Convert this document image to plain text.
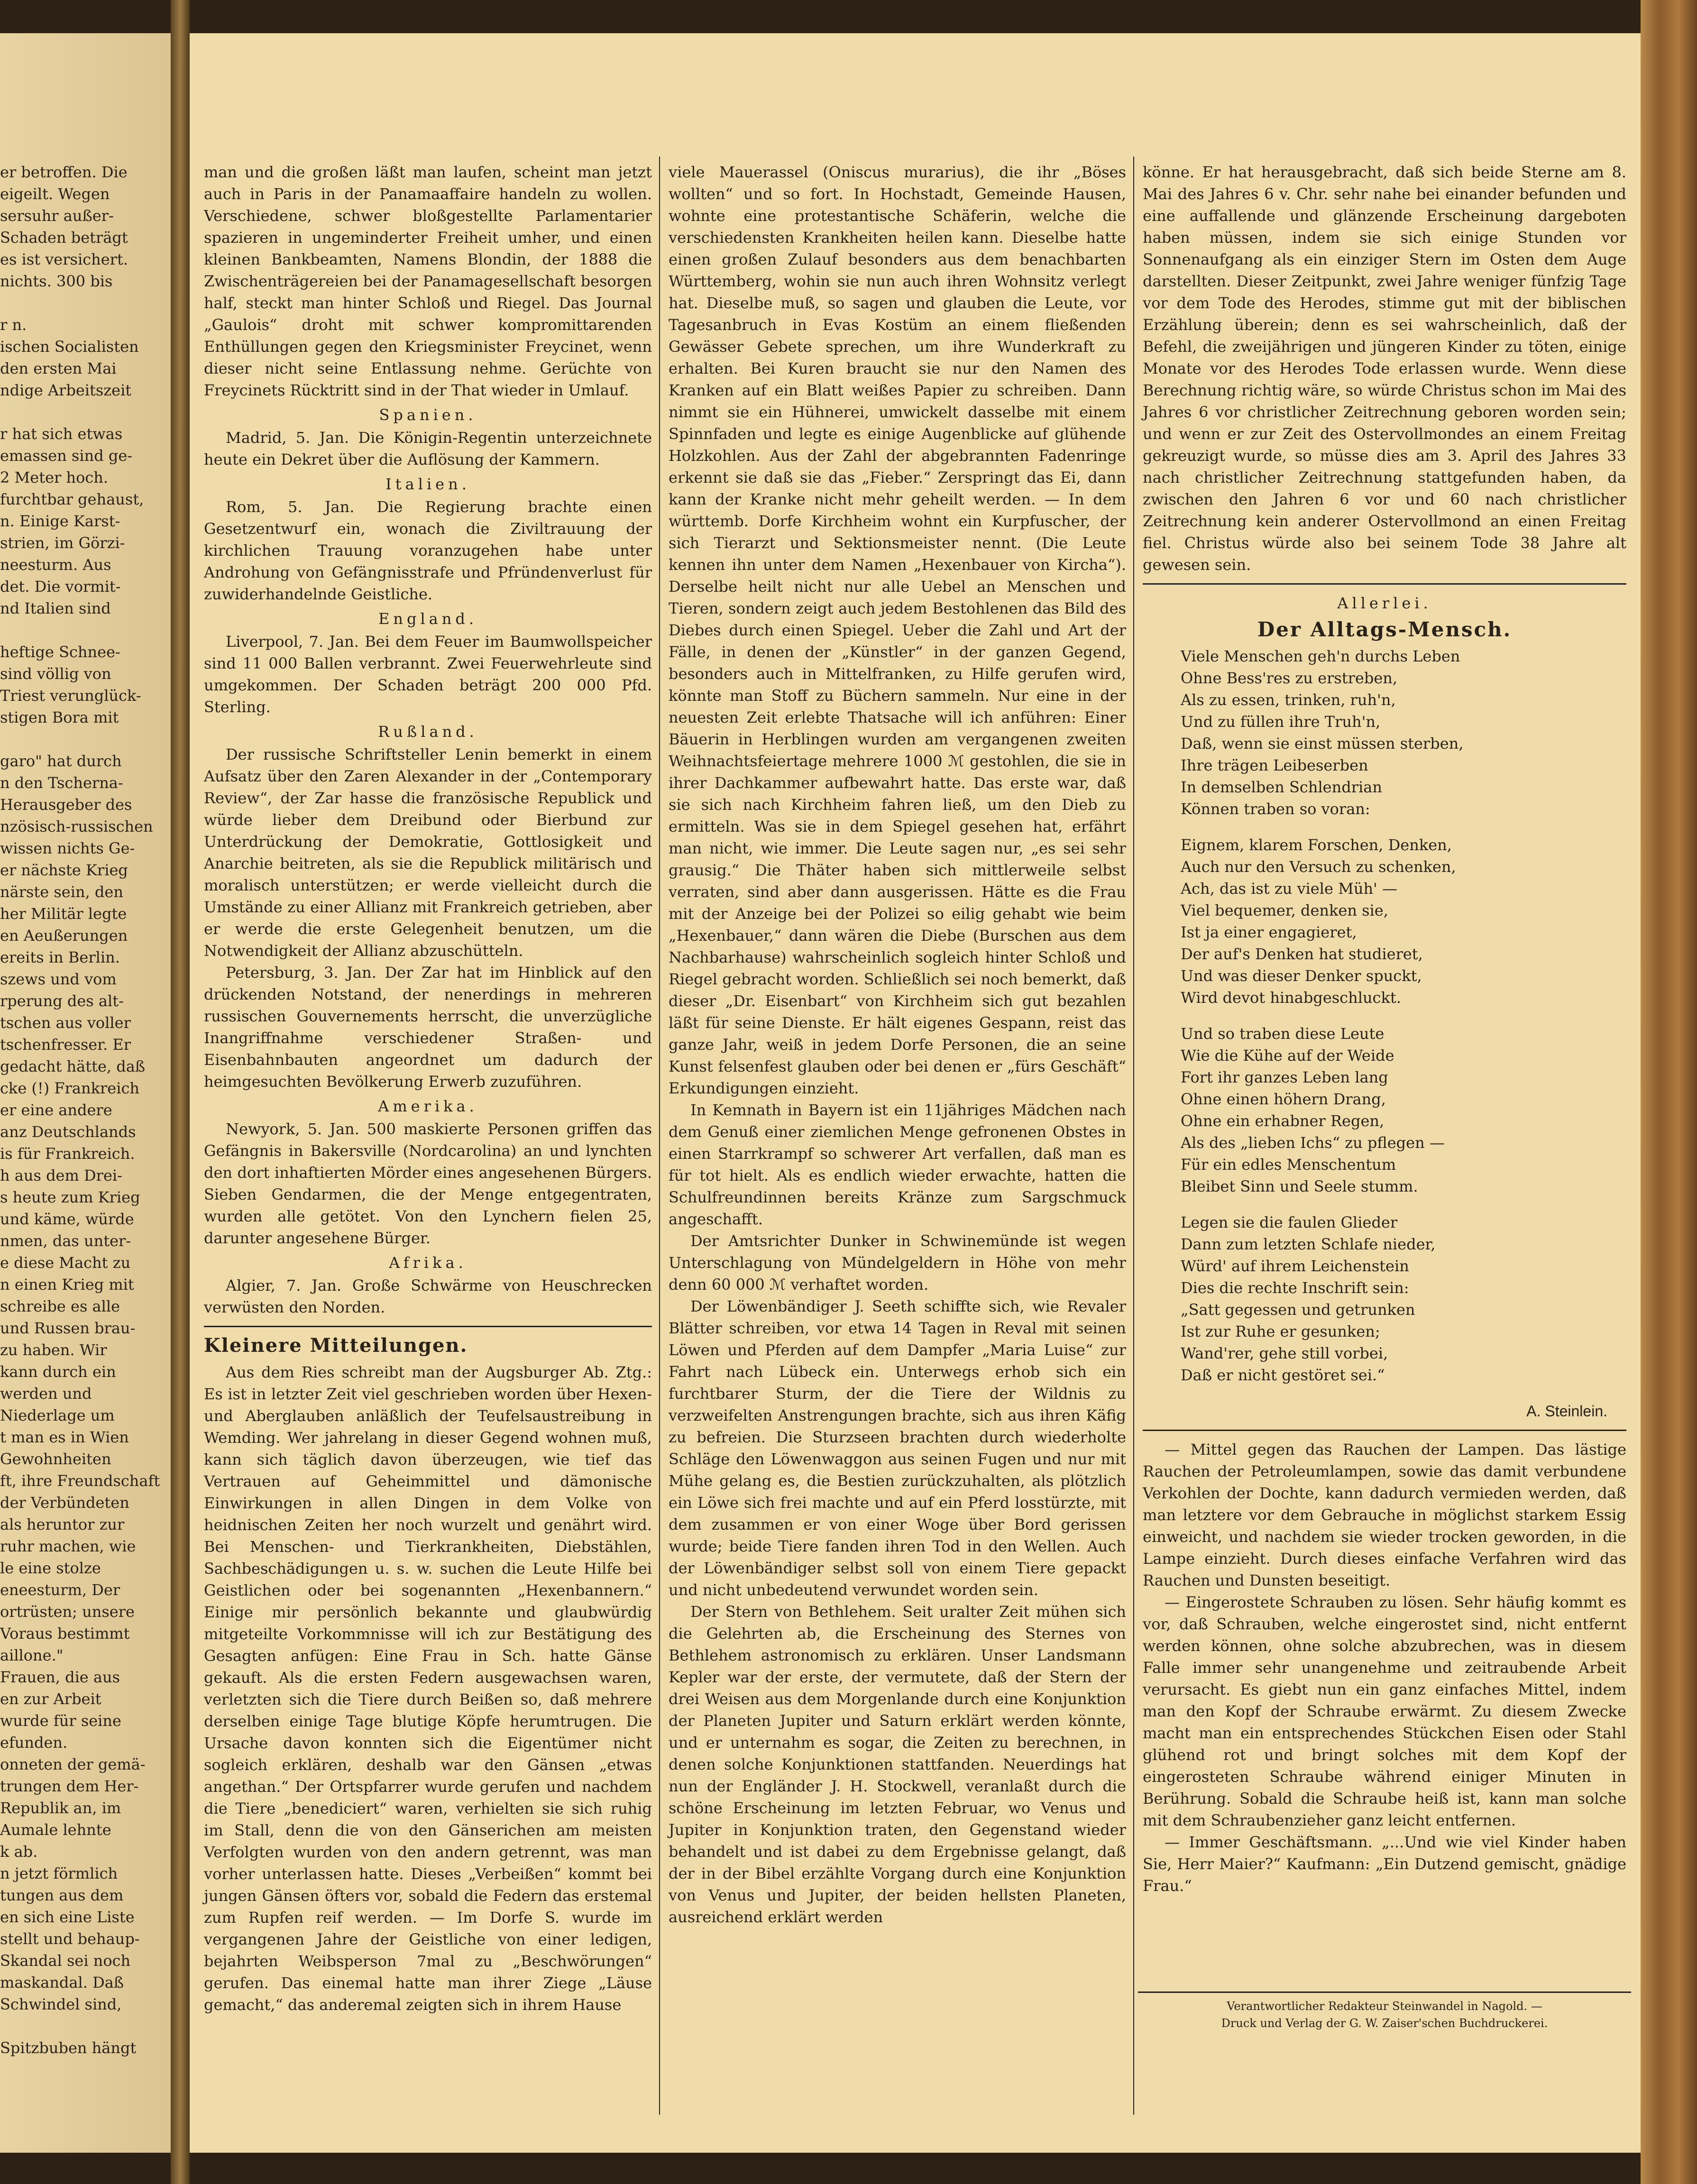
er betroffen. Die
eigeilt. Wegen
sersuhr außer-
Schaden beträgt
es ist versichert.
nichts. 300 bis

r n.
ischen Socialisten
den ersten Mai
ndige Arbeitszeit

r hat sich etwas
emassen sind ge-
2 Meter hoch.
furchtbar gehaust,
n. Einige Karst-
strien, im Görzi-
neesturm. Aus
det. Die vormit-
nd Italien sind

heftige Schnee-
sind völlig von
Triest verunglück-
stigen Bora mit

garo" hat durch
n den Tscherna-
Herausgeber des
nzösisch-russischen
wissen nichts Ge-
er nächste Krieg
närste sein, den
her Militär legte
en Aeußerungen
ereits in Berlin.
szews und vom
rperung des alt-
tschen aus voller
tschenfresser. Er
gedacht hätte, daß
cke (!) Frankreich
er eine andere
anz Deutschlands
is für Frankreich.
h aus dem Drei-
s heute zum Krieg
und käme, würde
nmen, das unter-
e diese Macht zu
n einen Krieg mit
schreibe es alle
und Russen brau-
zu haben. Wir
kann durch ein
werden und
Niederlage um
t man es in Wien
Gewohnheiten
ft, ihre Freundschaft
der Verbündeten
als heruntor zur
ruhr machen, wie
le eine stolze
eneesturm, Der
ortrüsten; unsere
Voraus bestimmt
aillone."
Frauen, die aus
en zur Arbeit
wurde für seine
efunden.
onneten der gemä-
trungen dem Her-
Republik an, im
Aumale lehnte
k ab.
n jetzt förmlich
tungen aus dem
en sich eine Liste
stellt und behaup-
Skandal sei noch
maskandal. Daß
Schwindel sind,

Spitzbuben hängt

man und die großen läßt man laufen, scheint man jetzt auch in Paris in der Panamaaffaire handeln zu wollen. Verschiedene, schwer bloßgestellte Parlamentarier spazieren in ungeminderter Freiheit umher, und einen kleinen Bankbeamten, Namens Blondin, der 1888 die Zwischenträgereien bei der Panamagesellschaft besorgen half, steckt man hinter Schloß und Riegel. Das Journal „Gaulois“ droht mit schwer kompromittarenden Enthüllungen gegen den Kriegsminister Freycinet, wenn dieser nicht seine Entlassung nehme. Gerüchte von Freycinets Rücktritt sind in der That wieder in Umlauf.

Spanien.

Madrid, 5. Jan. Die Königin-Regentin unterzeichnete heute ein Dekret über die Auflösung der Kammern.

Italien.

Rom, 5. Jan. Die Regierung brachte einen Gesetzentwurf ein, wonach die Ziviltrauung der kirchlichen Trauung voranzugehen habe unter Androhung von Gefängnisstrafe und Pfründenverlust für zuwiderhandelnde Geistliche.

England.

Liverpool, 7. Jan. Bei dem Feuer im Baumwollspeicher sind 11 000 Ballen verbrannt. Zwei Feuerwehrleute sind umgekommen. Der Schaden beträgt 200 000 Pfd. Sterling.

Rußland.

Der russische Schriftsteller Lenin bemerkt in einem Aufsatz über den Zaren Alexander in der „Contemporary Review“, der Zar hasse die französische Republick und würde lieber dem Dreibund oder Bierbund zur Unterdrückung der Demokratie, Gottlosigkeit und Anarchie beitreten, als sie die Republick militärisch und moralisch unterstützen; er werde vielleicht durch die Umstände zu einer Allianz mit Frankreich getrieben, aber er werde die erste Gelegenheit benutzen, um die Notwendigkeit der Allianz abzuschütteln.

Petersburg, 3. Jan. Der Zar hat im Hinblick auf den drückenden Notstand, der nenerdings in mehreren russischen Gouvernements herrscht, die unverzügliche Inangriffnahme verschiedener Straßen- und Eisenbahnbauten angeordnet um dadurch der heimgesuchten Bevölkerung Erwerb zuzuführen.

Amerika.

Newyork, 5. Jan. 500 maskierte Personen griffen das Gefängnis in Bakersville (Nordcarolina) an und lynchten den dort inhaftierten Mörder eines angesehenen Bürgers. Sieben Gendarmen, die der Menge entgegentraten, wurden alle getötet. Von den Lynchern fielen 25, darunter angesehene Bürger.

Afrika.

Algier, 7. Jan. Große Schwärme von Heuschrecken verwüsten den Norden.

Kleinere Mitteilungen.

Aus dem Ries schreibt man der Augsburger Ab. Ztg.: Es ist in letzter Zeit viel geschrieben worden über Hexen- und Aberglauben anläßlich der Teufelsaustreibung in Wemding. Wer jahrelang in dieser Gegend wohnen muß, kann sich täglich davon überzeugen, wie tief das Vertrauen auf Geheimmittel und dämonische Einwirkungen in allen Dingen in dem Volke von heidnischen Zeiten her noch wurzelt und genährt wird. Bei Menschen- und Tierkrankheiten, Diebstählen, Sachbeschädigungen u. s. w. suchen die Leute Hilfe bei Geistlichen oder bei sogenannten „Hexenbannern.“ Einige mir persönlich bekannte und glaubwürdig mitgeteilte Vorkommnisse will ich zur Bestätigung des Gesagten anfügen: Eine Frau in Sch. hatte Gänse gekauft. Als die ersten Federn ausgewachsen waren, verletzten sich die Tiere durch Beißen so, daß mehrere derselben einige Tage blutige Köpfe herumtrugen. Die Ursache davon konnten sich die Eigentümer nicht sogleich erklären, deshalb war den Gänsen „etwas angethan.“ Der Ortspfarrer wurde gerufen und nachdem die Tiere „benediciert“ waren, verhielten sie sich ruhig im Stall, denn die von den Gänserichen am meisten Verfolgten wurden von den andern getrennt, was man vorher unterlassen hatte. Dieses „Verbeißen“ kommt bei jungen Gänsen öfters vor, sobald die Federn das erstemal zum Rupfen reif werden. — Im Dorfe S. wurde im vergangenen Jahre der Geistliche von einer ledigen, bejahrten Weibsperson 7mal zu „Beschwörungen“ gerufen. Das einemal hatte man ihrer Ziege „Läuse gemacht,“ das anderemal zeigten sich in ihrem Hause

viele Mauerassel (Oniscus murarius), die ihr „Böses wollten“ und so fort. In Hochstadt, Gemeinde Hausen, wohnte eine protestantische Schäferin, welche die verschiedensten Krankheiten heilen kann. Dieselbe hatte einen großen Zulauf besonders aus dem benachbarten Württemberg, wohin sie nun auch ihren Wohnsitz verlegt hat. Dieselbe muß, so sagen und glauben die Leute, vor Tagesanbruch in Evas Kostüm an einem fließenden Gewässer Gebete sprechen, um ihre Wunderkraft zu erhalten. Bei Kuren braucht sie nur den Namen des Kranken auf ein Blatt weißes Papier zu schreiben. Dann nimmt sie ein Hühnerei, umwickelt dasselbe mit einem Spinnfaden und legte es einige Augenblicke auf glühende Holzkohlen. Aus der Zahl der abgebrannten Fadenringe erkennt sie daß sie das „Fieber.“ Zerspringt das Ei, dann kann der Kranke nicht mehr geheilt werden. — In dem württemb. Dorfe Kirchheim wohnt ein Kurpfuscher, der sich Tierarzt und Sektionsmeister nennt. (Die Leute kennen ihn unter dem Namen „Hexenbauer von Kircha“). Derselbe heilt nicht nur alle Uebel an Menschen und Tieren, sondern zeigt auch jedem Bestohlenen das Bild des Diebes durch einen Spiegel. Ueber die Zahl und Art der Fälle, in denen der „Künstler“ in der ganzen Gegend, besonders auch in Mittelfranken, zu Hilfe gerufen wird, könnte man Stoff zu Büchern sammeln. Nur eine in der neuesten Zeit erlebte Thatsache will ich anführen: Einer Bäuerin in Herblingen wurden am vergangenen zweiten Weihnachtsfeiertage mehrere 1000 ℳ gestohlen, die sie in ihrer Dachkammer aufbewahrt hatte. Das erste war, daß sie sich nach Kirchheim fahren ließ, um den Dieb zu ermitteln. Was sie in dem Spiegel gesehen hat, erfährt man nicht, wie immer. Die Leute sagen nur, „es sei sehr grausig.“ Die Thäter haben sich mittlerweile selbst verraten, sind aber dann ausgerissen. Hätte es die Frau mit der Anzeige bei der Polizei so eilig gehabt wie beim „Hexenbauer,“ dann wären die Diebe (Burschen aus dem Nachbarhause) wahrscheinlich sogleich hinter Schloß und Riegel gebracht worden. Schließlich sei noch bemerkt, daß dieser „Dr. Eisenbart“ von Kirchheim sich gut bezahlen läßt für seine Dienste. Er hält eigenes Gespann, reist das ganze Jahr, weiß in jedem Dorfe Personen, die an seine Kunst felsenfest glauben oder bei denen er „fürs Geschäft“ Erkundigungen einzieht.

In Kemnath in Bayern ist ein 11jähriges Mädchen nach dem Genuß einer ziemlichen Menge gefronenen Obstes in einen Starrkrampf so schwerer Art verfallen, daß man es für tot hielt. Als es endlich wieder erwachte, hatten die Schulfreundinnen bereits Kränze zum Sargschmuck angeschafft.

Der Amtsrichter Dunker in Schwinemünde ist wegen Unterschlagung von Mündelgeldern in Höhe von mehr denn 60 000 ℳ verhaftet worden.

Der Löwenbändiger J. Seeth schiffte sich, wie Revaler Blätter schreiben, vor etwa 14 Tagen in Reval mit seinen Löwen und Pferden auf dem Dampfer „Maria Luise“ zur Fahrt nach Lübeck ein. Unterwegs erhob sich ein furchtbarer Sturm, der die Tiere der Wildnis zu verzweifelten Anstrengungen brachte, sich aus ihren Käfig zu befreien. Die Sturzseen brachten durch wiederholte Schläge den Löwenwaggon aus seinen Fugen und nur mit Mühe gelang es, die Bestien zurückzuhalten, als plötzlich ein Löwe sich frei machte und auf ein Pferd losstürzte, mit dem zusammen er von einer Woge über Bord gerissen wurde; beide Tiere fanden ihren Tod in den Wellen. Auch der Löwenbändiger selbst soll von einem Tiere gepackt und nicht unbedeutend verwundet worden sein.

Der Stern von Bethlehem. Seit uralter Zeit mühen sich die Gelehrten ab, die Erscheinung des Sternes von Bethlehem astronomisch zu erklären. Unser Landsmann Kepler war der erste, der vermutete, daß der Stern der drei Weisen aus dem Morgenlande durch eine Konjunktion der Planeten Jupiter und Saturn erklärt werden könnte, und er unternahm es sogar, die Zeiten zu berechnen, in denen solche Konjunktionen stattfanden. Neuerdings hat nun der Engländer J. H. Stockwell, veranlaßt durch die schöne Erscheinung im letzten Februar, wo Venus und Jupiter in Konjunktion traten, den Gegenstand wieder behandelt und ist dabei zu dem Ergebnisse gelangt, daß der in der Bibel erzählte Vorgang durch eine Konjunktion von Venus und Jupiter, der beiden hellsten Planeten, ausreichend erklärt werden

könne. Er hat herausgebracht, daß sich beide Sterne am 8. Mai des Jahres 6 v. Chr. sehr nahe bei einander befunden und eine auffallende und glänzende Erscheinung dargeboten haben müssen, indem sie sich einige Stunden vor Sonnenaufgang als ein einziger Stern im Osten dem Auge darstellten. Dieser Zeitpunkt, zwei Jahre weniger fünfzig Tage vor dem Tode des Herodes, stimme gut mit der biblischen Erzählung überein; denn es sei wahrscheinlich, daß der Befehl, die zweijährigen und jüngeren Kinder zu töten, einige Monate vor des Herodes Tode erlassen wurde. Wenn diese Berechnung richtig wäre, so würde Christus schon im Mai des Jahres 6 vor christlicher Zeitrechnung geboren worden sein; und wenn er zur Zeit des Ostervollmondes an einem Freitag gekreuzigt wurde, so müsse dies am 3. April des Jahres 33 nach christlicher Zeitrechnung stattgefunden haben, da zwischen den Jahren 6 vor und 60 nach christlicher Zeitrechnung kein anderer Ostervollmond an einen Freitag fiel. Christus würde also bei seinem Tode 38 Jahre alt gewesen sein.

Allerlei.
Der Alltags-Mensch.
Viele Menschen geh'n durchs Leben
Ohne Bess'res zu erstreben,
Als zu essen, trinken, ruh'n,
Und zu füllen ihre Truh'n,
Daß, wenn sie einst müssen sterben,
Ihre trägen Leibeserben
In demselben Schlendrian
Können traben so voran:
Eignem, klarem Forschen, Denken,
Auch nur den Versuch zu schenken,
Ach, das ist zu viele Müh' —
Viel bequemer, denken sie,
Ist ja einer engagieret,
Der auf's Denken hat studieret,
Und was dieser Denker spuckt,
Wird devot hinabgeschluckt.
Und so traben diese Leute
Wie die Kühe auf der Weide
Fort ihr ganzes Leben lang
Ohne einen höhern Drang,
Ohne ein erhabner Regen,
Als des „lieben Ichs“ zu pflegen —
Für ein edles Menschentum
Bleibet Sinn und Seele stumm.
Legen sie die faulen Glieder
Dann zum letzten Schlafe nieder,
Würd' auf ihrem Leichenstein
Dies die rechte Inschrift sein:
„Satt gegessen und getrunken
Ist zur Ruhe er gesunken;
Wand'rer, gehe still vorbei,
Daß er nicht gestöret sei.“
A. Steinlein.

— Mittel gegen das Rauchen der Lampen. Das lästige Rauchen der Petroleumlampen, sowie das damit verbundene Verkohlen der Dochte, kann dadurch vermieden werden, daß man letztere vor dem Gebrauche in möglichst starkem Essig einweicht, und nachdem sie wieder trocken geworden, in die Lampe einzieht. Durch dieses einfache Verfahren wird das Rauchen und Dunsten beseitigt.

— Eingerostete Schrauben zu lösen. Sehr häufig kommt es vor, daß Schrauben, welche eingerostet sind, nicht entfernt werden können, ohne solche abzubrechen, was in diesem Falle immer sehr unangenehme und zeitraubende Arbeit verursacht. Es giebt nun ein ganz einfaches Mittel, indem man den Kopf der Schraube erwärmt. Zu diesem Zwecke macht man ein entsprechendes Stückchen Eisen oder Stahl glühend rot und bringt solches mit dem Kopf der eingerosteten Schraube während einiger Minuten in Berührung. Sobald die Schraube heiß ist, kann man solche mit dem Schraubenzieher ganz leicht entfernen.

— Immer Geschäftsmann. „...Und wie viel Kinder haben Sie, Herr Maier?“ Kaufmann: „Ein Dutzend gemischt, gnädige Frau.“

Verantwortlicher Redakteur Steinwandel in Nagold. —
Druck und Verlag der G. W. Zaiser'schen Buchdruckerei.
